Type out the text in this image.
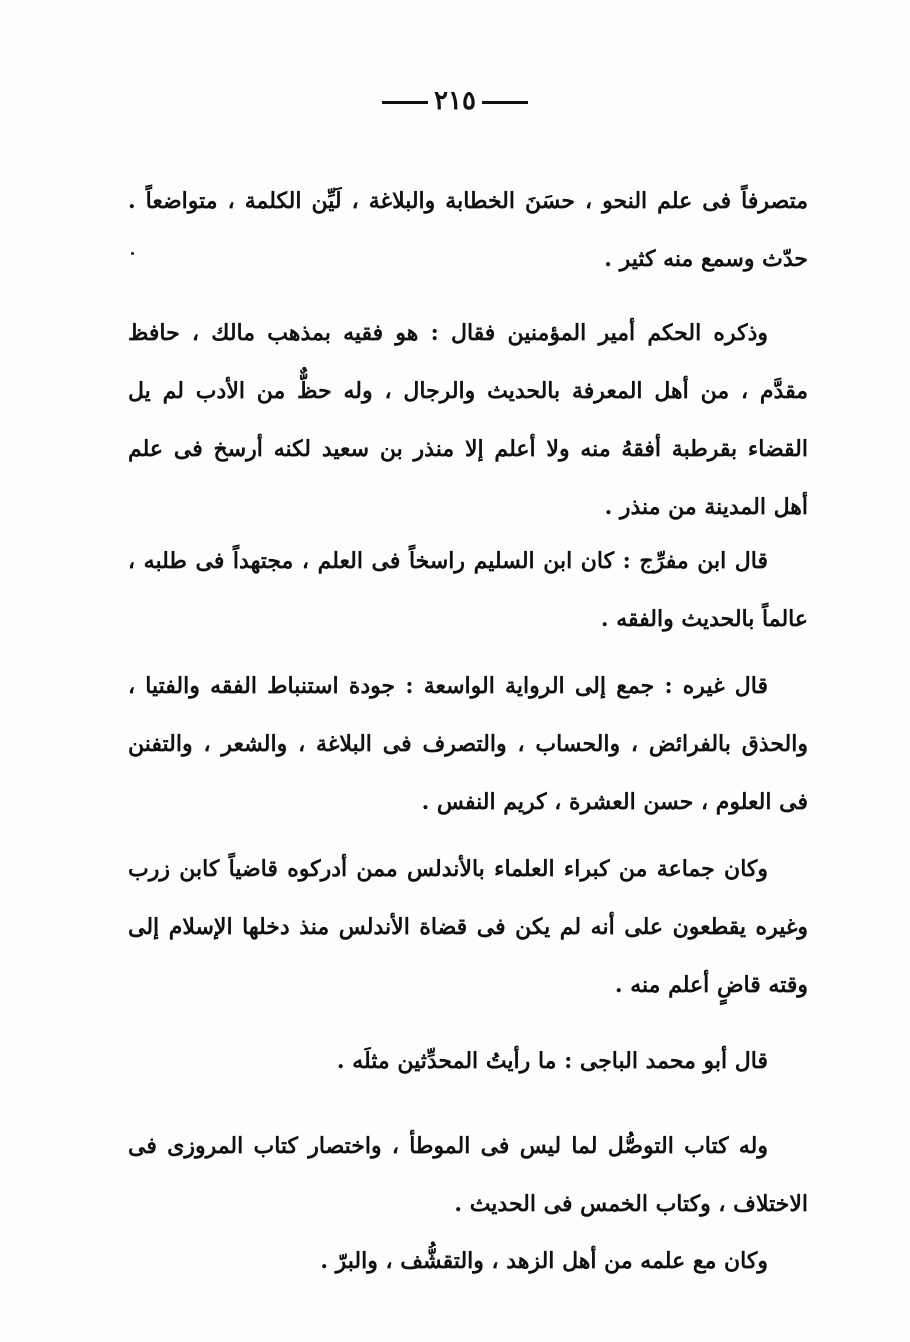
٢١٥

متصرفاً فى علم النحو ، حسَنَ الخطابة والبلاغة ، لَيِّن الكلمة ، متواضعاً . حدّث وسمع منه كثير .

وذكره الحكم أمير المؤمنين فقال : هو فقيه بمذهب مالك ، حافظ مقدَّم ، من أهل المعرفة بالحديث والرجال ، وله حظٌّ من الأدب لم يل القضاء بقرطبة أفقهُ منه ولا أعلم إلا منذر بن سعيد لكنه أرسخ فى علم أهل المدينة من منذر .

قال ابن مفرِّج : كان ابن السليم راسخاً فى العلم ، مجتهداً فى طلبه ، عالماً بالحديث والفقه .

قال غيره : جمع إلى الرواية الواسعة : جودة استنباط الفقه والفتيا ، والحذق بالفرائض ، والحساب ، والتصرف فى البلاغة ، والشعر ، والتفنن فى العلوم ، حسن العشرة ، كريم النفس .

وكان جماعة من كبراء العلماء بالأندلس ممن أدركوه قاضياً كابن زرب وغيره يقطعون على أنه لم يكن فى قضاة الأندلس منذ دخلها الإسلام إلى وقته قاضٍ أعلم منه .

قال أبو محمد الباجى : ما رأيتُ المحدِّثين مثلَه .

وله كتاب التوصُّل لما ليس فى الموطأ ، واختصار كتاب المروزى فى الاختلاف ، وكتاب الخمس فى الحديث .

وكان مع علمه من أهل الزهد ، والتقشُّف ، والبرّ .
